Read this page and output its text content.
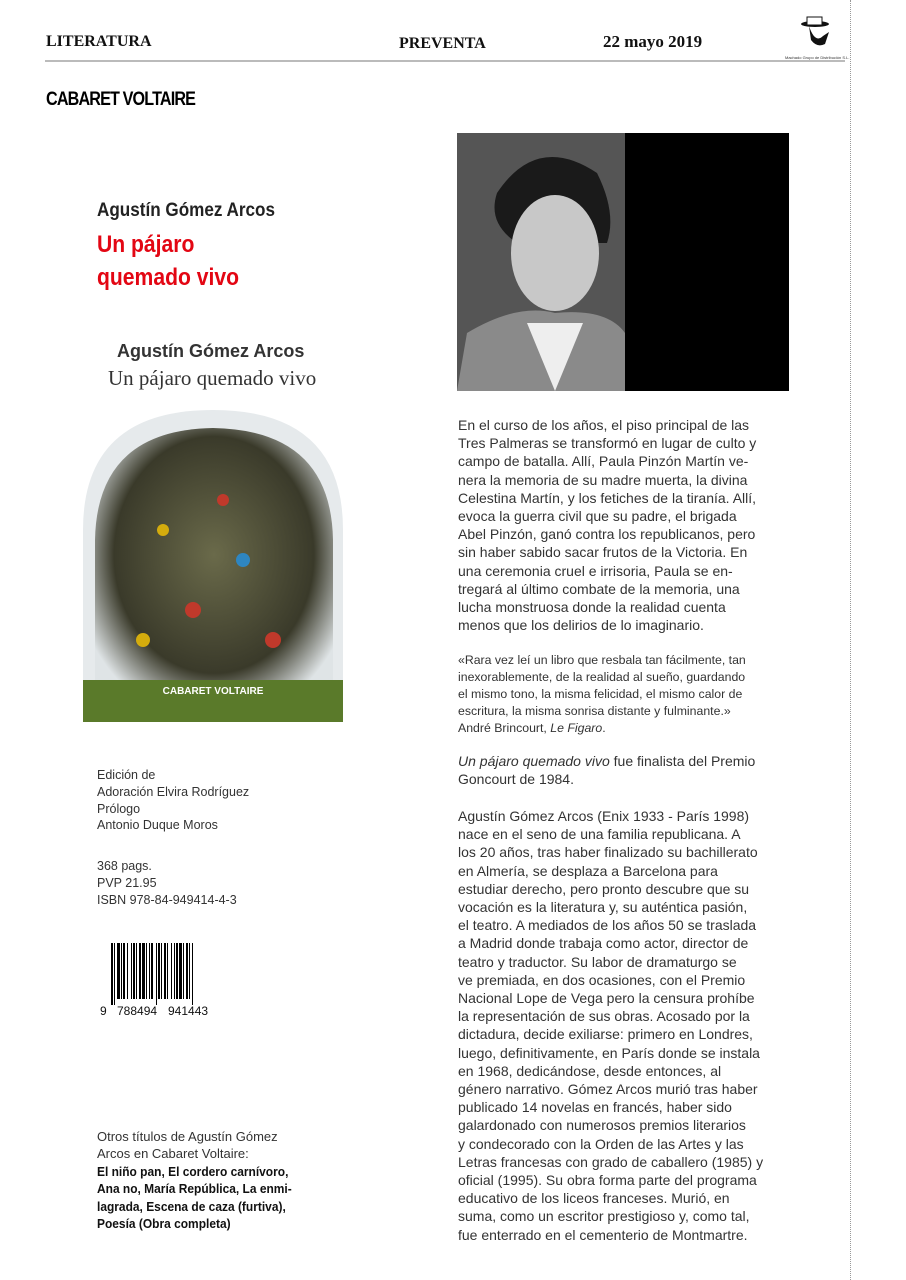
LITERATURA	PREVENTA	22 mayo 2019
Machado Grupo de Distribución S.L.
CABARET VOLTAIRE
Agustín Gómez Arcos
Un pájaro
quemado vivo
Agustín Gómez Arcos
Un pájaro quemado vivo
CABARET VOLTAIRE
En el curso de los años, el piso principal de las
Tres Palmeras se transformó en lugar de culto y
campo de batalla. Allí, Paula Pinzón Martín ve-
nera la memoria de su madre muerta, la divina
Celestina Martín, y los fetiches de la tiranía. Allí,
evoca la guerra civil que su padre, el brigada
Abel Pinzón, ganó contra los republicanos, pero
sin haber sabido sacar frutos de la Victoria. En
una ceremonia cruel e irrisoria, Paula se en-
tregará al último combate de la memoria, una
lucha monstruosa donde la realidad cuenta
menos que los delirios de lo imaginario.
«Rara vez leí un libro que resbala tan fácilmente, tan
inexorablemente, de la realidad al sueño, guardando
el mismo tono, la misma felicidad, el mismo calor de
escritura, la misma sonrisa distante y fulminante.»
André Brincourt, Le Figaro.
Un pájaro quemado vivo fue finalista del Premio
Goncourt de 1984.
Agustín Gómez Arcos (Enix 1933 - París 1998)
nace en el seno de una familia republicana. A
los 20 años, tras haber finalizado su bachillerato
en Almería, se desplaza a Barcelona para
estudiar derecho, pero pronto descubre que su
vocación es la literatura y, su auténtica pasión,
el teatro. A mediados de los años 50 se traslada
a Madrid donde trabaja como actor, director de
teatro y traductor. Su labor de dramaturgo se
ve premiada, en dos ocasiones, con el Premio
Nacional Lope de Vega pero la censura prohíbe
la representación de sus obras. Acosado por la
dictadura, decide exiliarse: primero en Londres,
luego, definitivamente, en París donde se instala
en 1968, dedicándose, desde entonces, al
género narrativo. Gómez Arcos murió tras haber
publicado 14 novelas en francés, haber sido
galardonado con numerosos premios literarios
y condecorado con la Orden de las Artes y las
Letras francesas con grado de caballero (1985) y
oficial (1995). Su obra forma parte del programa
educativo de los liceos franceses. Murió, en
suma, como un escritor prestigioso y, como tal,
fue enterrado en el cementerio de Montmartre.
Edición de
Adoración Elvira Rodríguez
Prólogo
Antonio Duque Moros
368 pags.
PVP 21.95
ISBN 978-84-949414-4-3
9 788494 941443
Otros títulos de Agustín Gómez
Arcos en Cabaret Voltaire:
El niño pan, El cordero carnívoro,
Ana no, María República, La enmi-
lagrada, Escena de caza (furtiva),
Poesía (Obra completa)
